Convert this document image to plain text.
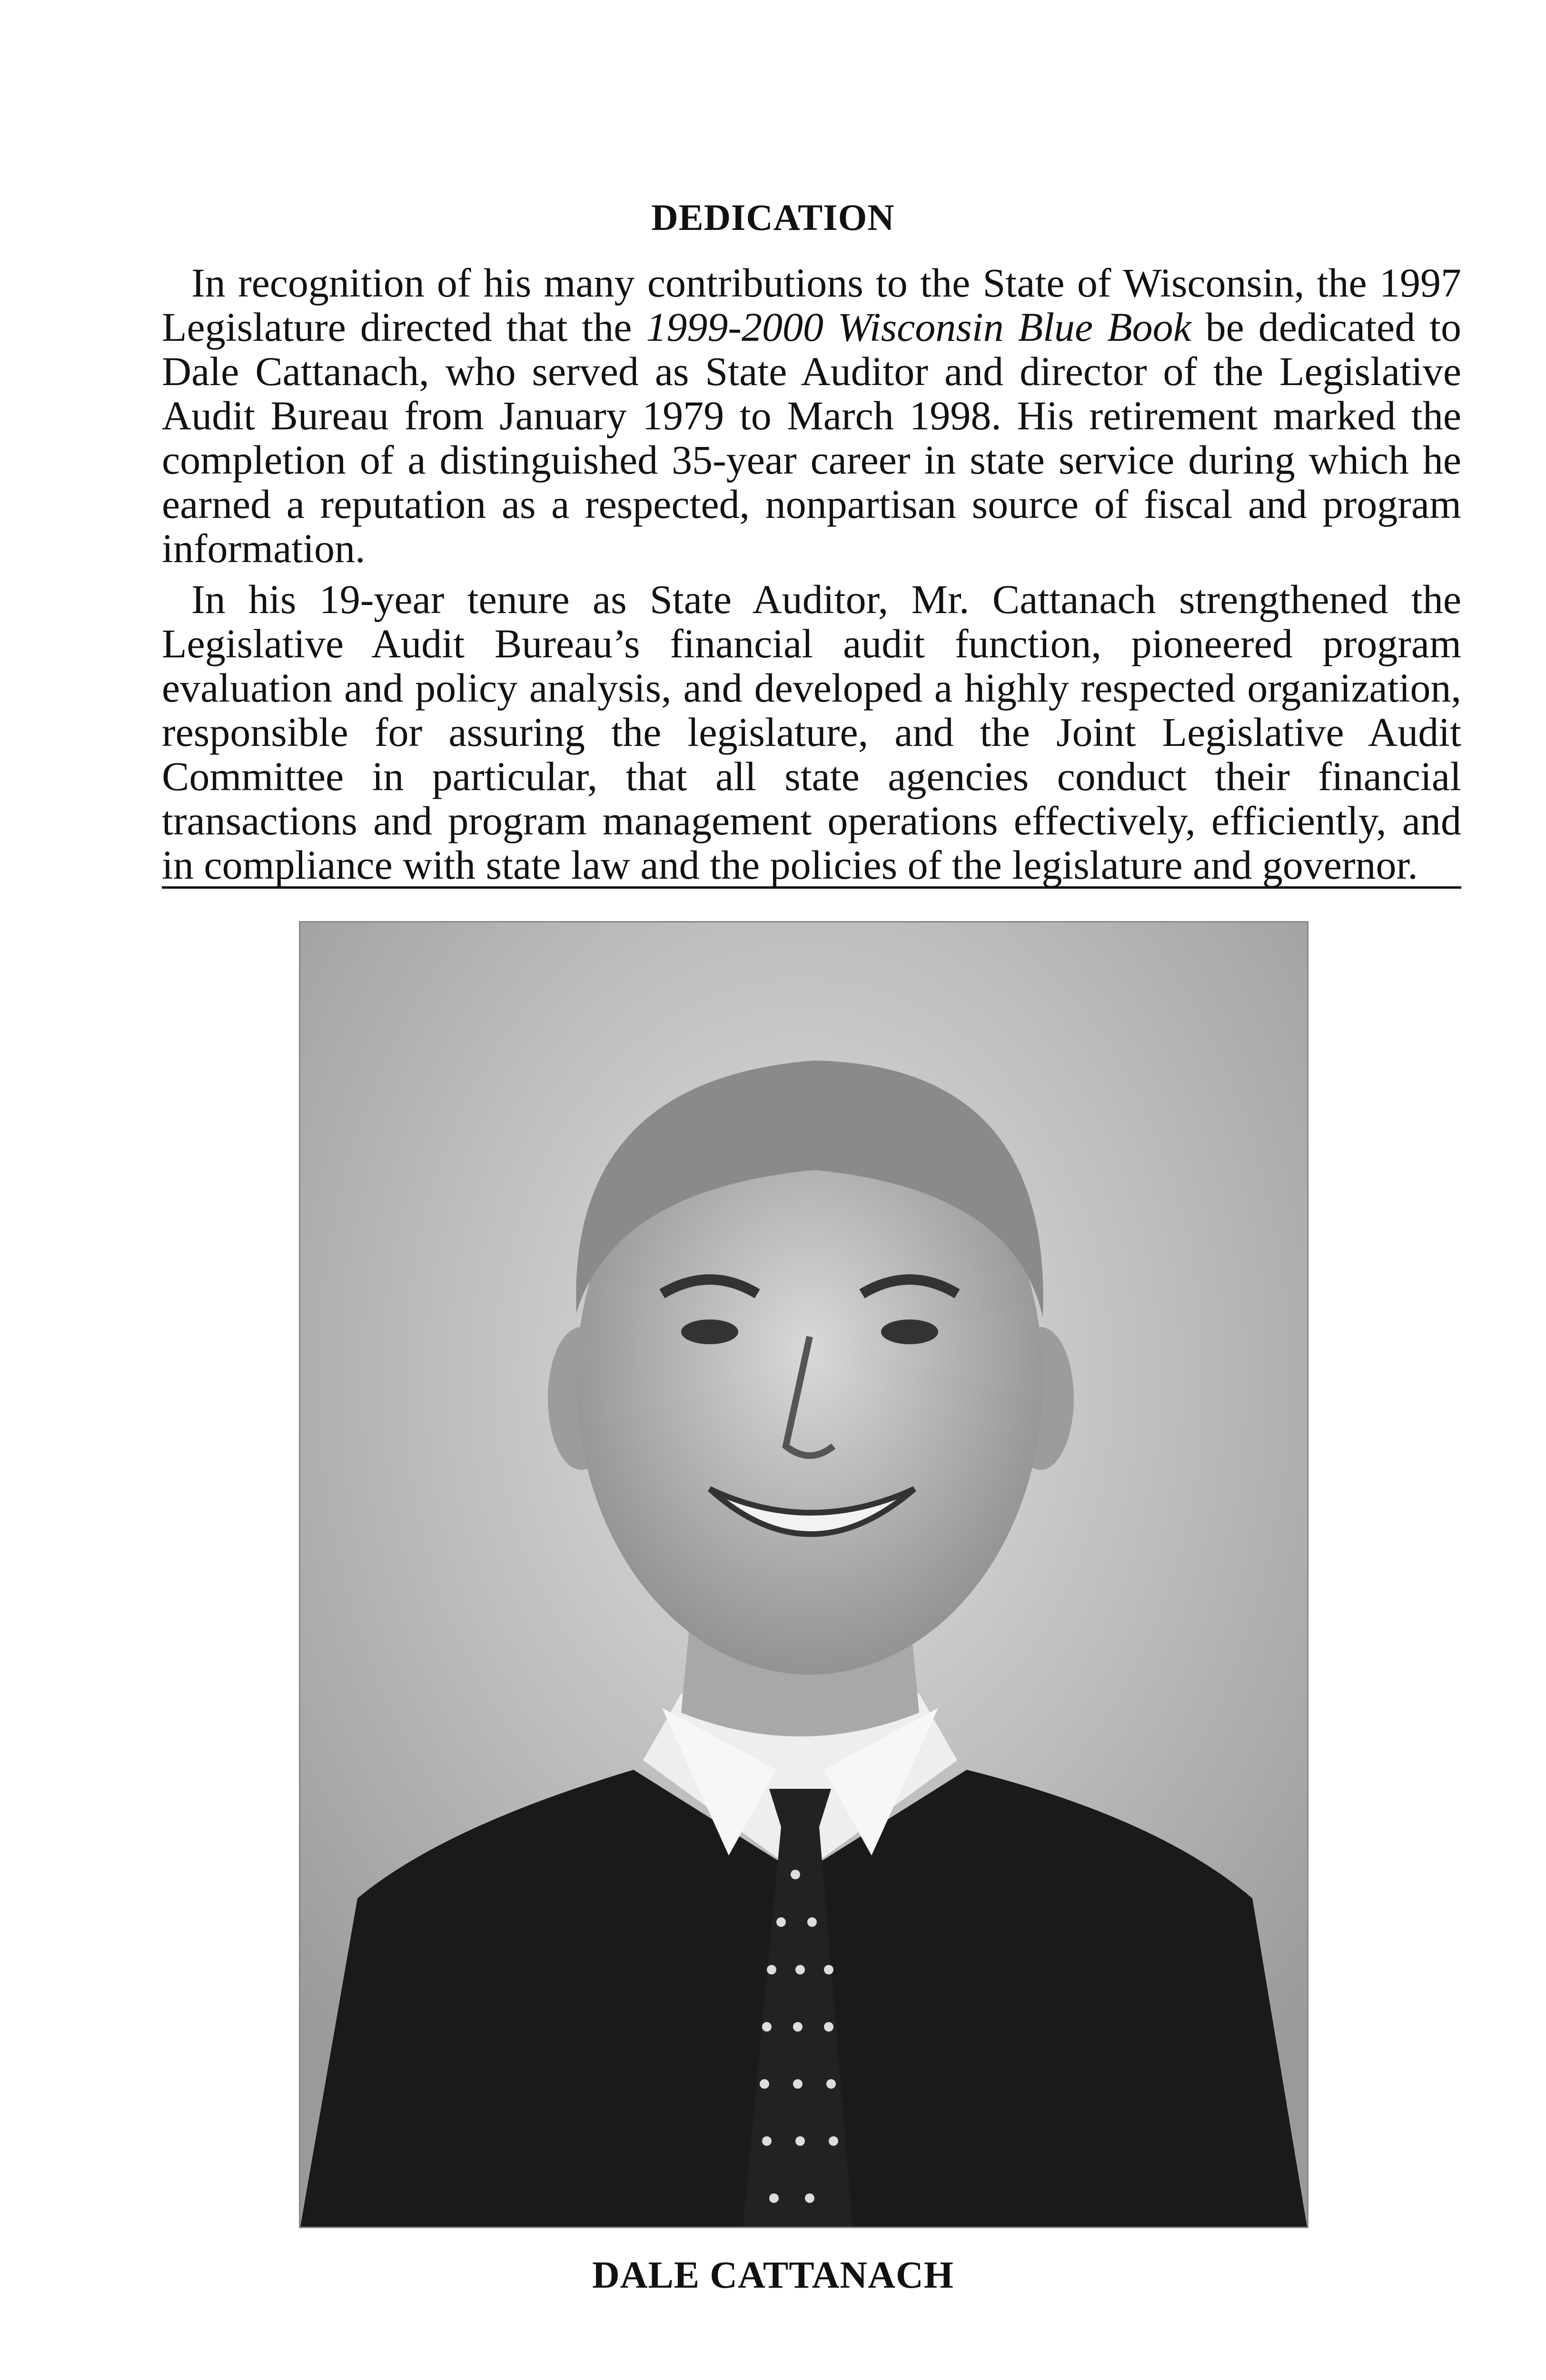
DEDICATION

In recognition of his many contributions to the State of Wisconsin, the 1997 Legislature directed that the 1999-2000 Wisconsin Blue Book be dedicated to Dale Cattanach, who served as State Auditor and director of the Legislative Audit Bureau from January 1979 to March 1998. His retirement marked the completion of a distinguished 35-year career in state service during which he earned a reputation as a respected, nonpartisan source of fiscal and program information.

In his 19-year tenure as State Auditor, Mr. Cattanach strengthened the Legislative Audit Bureau’s financial audit function, pioneered program evaluation and policy analysis, and developed a highly respected organization, responsible for assuring the legislature, and the Joint Legislative Audit Committee in particular, that all state agencies conduct their financial transactions and program management operations effectively, efficiently, and in compliance with state law and the policies of the legislature and governor.

DALE CATTANACH
